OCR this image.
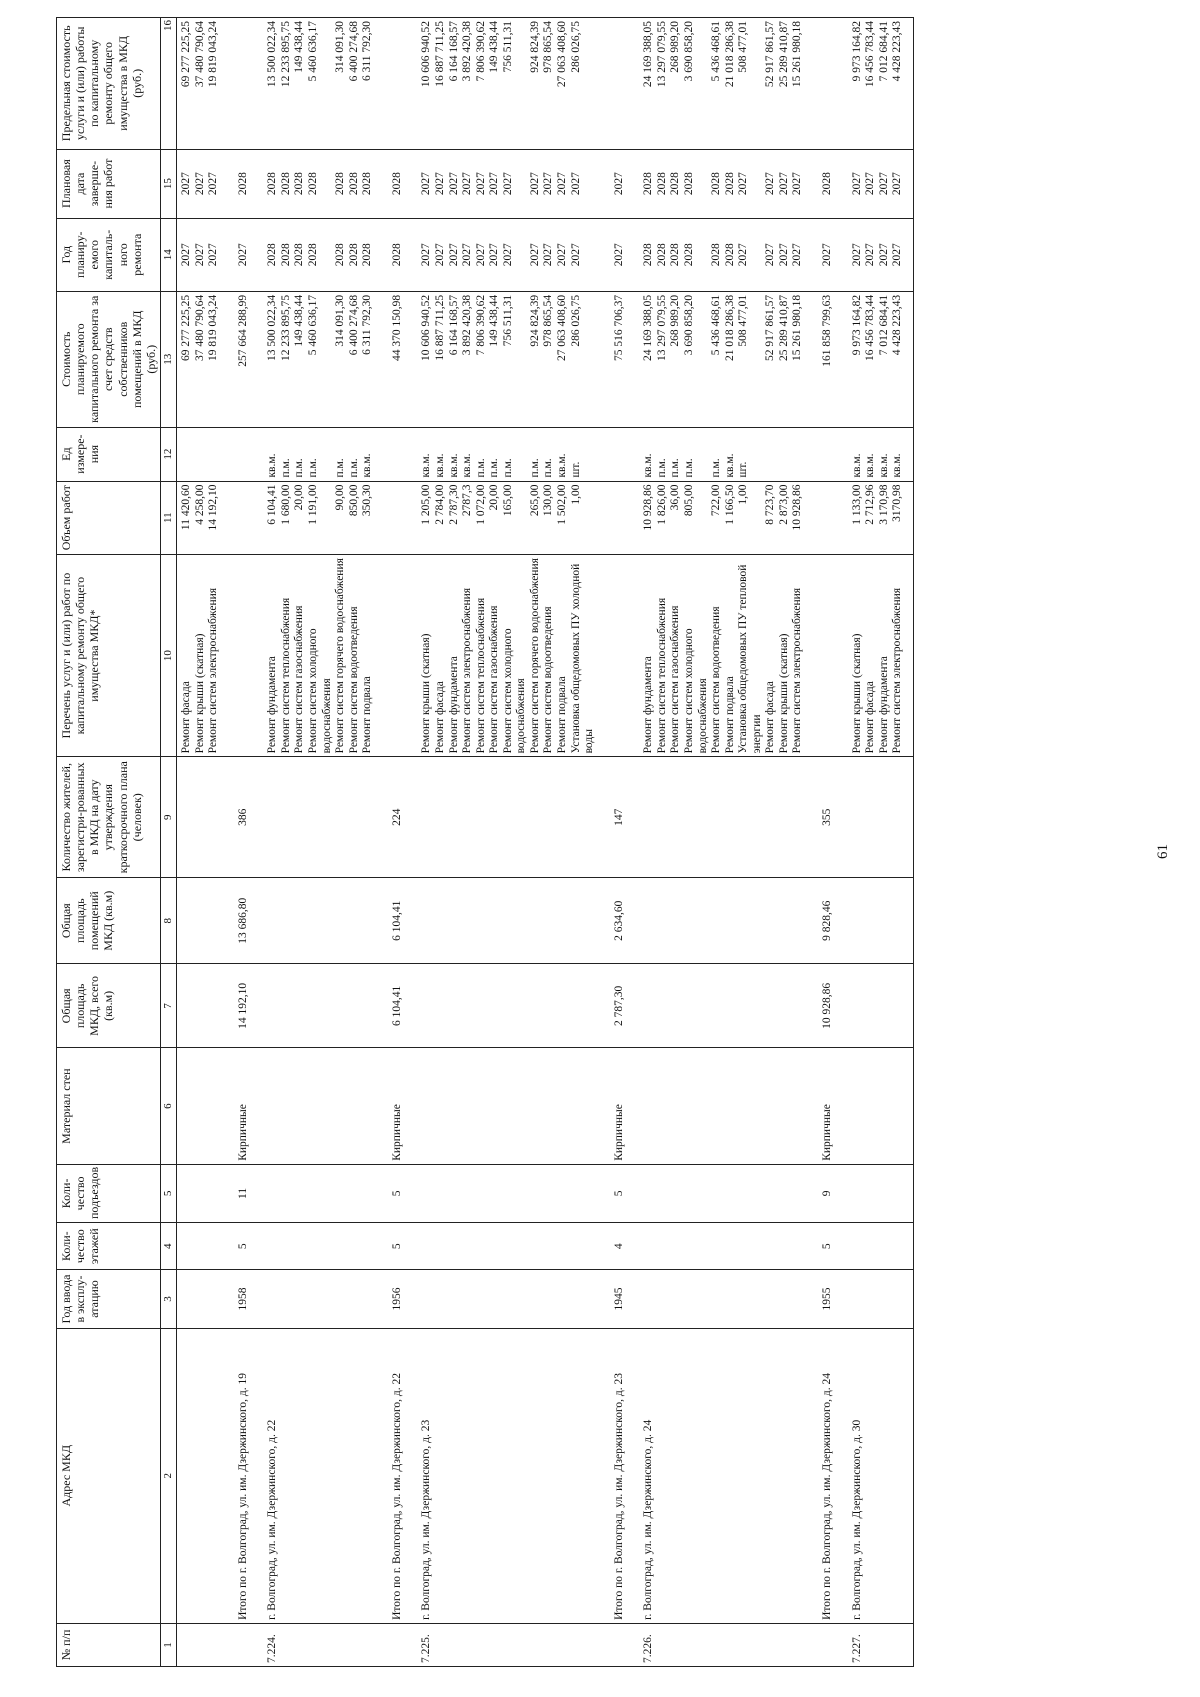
61
№ п/п	Адрес МКД	Год ввода в эксплу-атацию	Коли-чество этажей	Коли-чество подъездов	Материал стен	Общая площадь МКД, всего (кв.м)	Общая площадь помещений МКД (кв.м)	Количество жителей, зарегистри-рованных в МКД на дату утверждения краткосрочного плана (человек)	Перечень услуг и (или) работ по капитальному ремонту общего имущества МКД*	Объем работ	Ед измере-ния	Стоимость планируемого капитального ремонта за счет средств собственников помещений в МКД (руб.)	Год планиру-емого капиталь-ного ремонта	Плановая дата заверше-ния работ	Предельная стоимость услуги и (или) работы по капитальному ремонту общего имущества в МКД (руб.)
1	2	3	4	5	6	7	8	9	10	11	12	13	14	15	16
									Ремонт фасада	11 420,60		69 277 225,25	2027	2027	69 277 225,25
									Ремонт крыши (скатная)	4 258,00		37 480 790,64	2027	2027	37 480 790,64
									Ремонт систем электроснабжения	14 192,10		19 819 043,24	2027	2027	19 819 043,24

	Итого по г. Волгоград, ул. им. Дзержинского, д. 19	1958	5	11	Кирпичные	14 192,10	13 686,80	386				257 664 288,99	2027	2028	

7.224.	г. Волгоград, ул. им. Дзержинского, д. 22								Ремонт фундамента	6 104,41	кв.м.	13 500 022,34	2028	2028	13 500 022,34
									Ремонт систем теплоснабжения	1 680,00	п.м.	12 233 895,75	2028	2028	12 233 895,75
									Ремонт систем газоснабжения	20,00	п.м.	149 438,44	2028	2028	149 438,44
									Ремонт систем холодного водоснабжения	1 191,00	п.м.	5 460 636,17	2028	2028	5 460 636,17
									Ремонт систем горячего водоснабжения	90,00	п.м.	314 091,30	2028	2028	314 091,30
									Ремонт систем водоотведения	850,00	п.м.	6 400 274,68	2028	2028	6 400 274,68
									Ремонт подвала	350,30	кв.м.	6 311 792,30	2028	2028	6 311 792,30

	Итого по г. Волгоград, ул. им. Дзержинского, д. 22	1956	5	5	Кирпичные	6 104,41	6 104,41	224				44 370 150,98	2028	2028	

7.225.	г. Волгоград, ул. им. Дзержинского, д. 23								Ремонт крыши (скатная)	1 205,00	кв.м.	10 606 940,52	2027	2027	10 606 940,52
									Ремонт фасада	2 784,00	кв.м.	16 887 711,25	2027	2027	16 887 711,25
									Ремонт фундамента	2 787,30	кв.м.	6 164 168,57	2027	2027	6 164 168,57
									Ремонт систем электроснабжения	2787,3	кв.м.	3 892 420,38	2027	2027	3 892 420,38
									Ремонт систем теплоснабжения	1 072,00	п.м.	7 806 390,62	2027	2027	7 806 390,62
									Ремонт систем газоснабжения	20,00	п.м.	149 438,44	2027	2027	149 438,44
									Ремонт систем холодного водоснабжения	165,00	п.м.	756 511,31	2027	2027	756 511,31
									Ремонт систем горячего водоснабжения	265,00	п.м.	924 824,39	2027	2027	924 824,39
									Ремонт систем водоотведения	130,00	п.м.	978 865,54	2027	2027	978 865,54
									Ремонт подвала	1 502,00	кв.м.	27 063 408,60	2027	2027	27 063 408,60
									Установка общедомовых ПУ холодной воды	1,00	шт.	286 026,75	2027	2027	286 026,75

	Итого по г. Волгоград, ул. им. Дзержинского, д. 23	1945	4	5	Кирпичные	2 787,30	2 634,60	147				75 516 706,37	2027	2027	

7.226.	г. Волгоград, ул. им. Дзержинского, д. 24								Ремонт фундамента	10 928,86	кв.м.	24 169 388,05	2028	2028	24 169 388,05
									Ремонт систем теплоснабжения	1 826,00	п.м.	13 297 079,55	2028	2028	13 297 079,55
									Ремонт систем газоснабжения	36,00	п.м.	268 989,20	2028	2028	268 989,20
									Ремонт систем холодного водоснабжения	805,00	п.м.	3 690 858,20	2028	2028	3 690 858,20
									Ремонт систем водоотведения	722,00	п.м.	5 436 468,61	2028	2028	5 436 468,61
									Ремонт подвала	1 166,50	кв.м.	21 018 286,38	2028	2028	21 018 286,38
									Установка общедомовых ПУ тепловой энергии	1,00	шт.	508 477,01	2027	2027	508 477,01
									Ремонт фасада	8 723,70		52 917 861,57	2027	2027	52 917 861,57
									Ремонт крыши (скатная)	2 873,00		25 289 410,87	2027	2027	25 289 410,87
									Ремонт систем электроснабжения	10 928,86		15 261 980,18	2027	2027	15 261 980,18

	Итого по г. Волгоград, ул. им. Дзержинского, д. 24	1955	5	9	Кирпичные	10 928,86	9 828,46	355				161 858 799,63	2027	2028	

7.227.	г. Волгоград, ул. им. Дзержинского, д. 30								Ремонт крыши (скатная)	1 133,00	кв.м.	9 973 164,82	2027	2027	9 973 164,82
									Ремонт фасада	2 712,96	кв.м.	16 456 783,44	2027	2027	16 456 783,44
									Ремонт фундамента	3 170,98	кв.м.	7 012 684,41	2027	2027	7 012 684,41
									Ремонт систем электроснабжения	3170,98	кв.м.	4 428 223,43	2027	2027	4 428 223,43
